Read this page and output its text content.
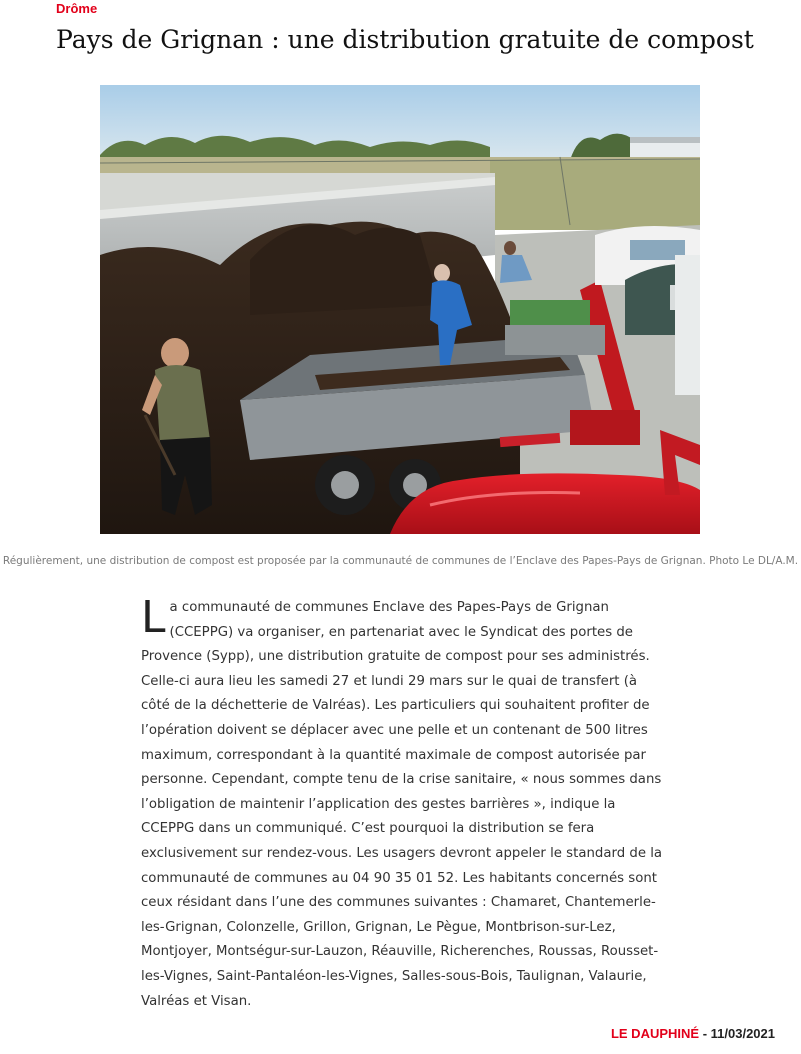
Drôme
Pays de Grignan : une distribution gratuite de compost
Régulièrement, une distribution de compost est proposée par la communauté de communes de l’Enclave des Papes-Pays de Grignan. Photo Le DL/A.M.
La communauté de communes Enclave des Papes-Pays de Grignan (CCEPPG) va organiser, en partenariat avec le Syndicat des portes de Provence (Sypp), une distribution gratuite de compost pour ses administrés. Celle-ci aura lieu les samedi 27 et lundi 29 mars sur le quai de transfert (à côté de la déchetterie de Valréas). Les particuliers qui souhaitent profiter de l’opération doivent se déplacer avec une pelle et un contenant de 500 litres maximum, correspondant à la quantité maximale de compost autorisée par personne. Cependant, compte tenu de la crise sanitaire, « nous sommes dans l’obligation de maintenir l’application des gestes barrières », indique la CCEPPG dans un communiqué. C’est pourquoi la distribution se fera exclusivement sur rendez-vous. Les usagers devront appeler le standard de la communauté de communes au 04 90 35 01 52. Les habitants concernés sont ceux résidant dans l’une des communes suivantes : Chamaret, Chantemerle-les-Grignan, Colonzelle, Grillon, Grignan, Le Pègue, Montbrison-sur-Lez, Montjoyer, Montségur-sur-Lauzon, Réauville, Richerenches, Roussas, Rousset-les-Vignes, Saint-Pantaléon-les-Vignes, Salles-sous-Bois, Taulignan, Valaurie, Valréas et Visan.
LE DAUPHINÉ - 11/03/2021
